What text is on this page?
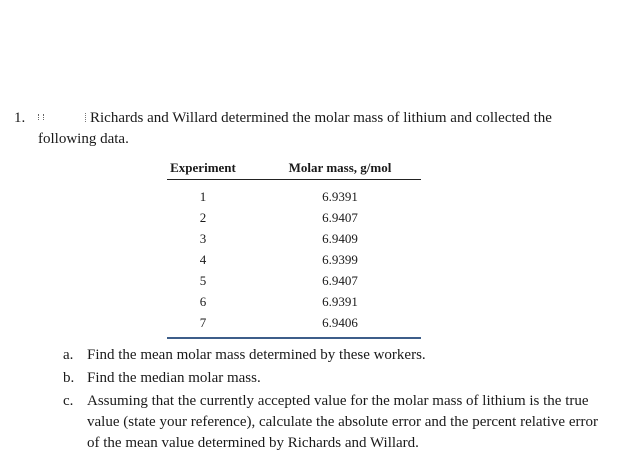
1.	Richards and Willard determined the molar mass of lithium and collected the
following data.

Experiment	Molar mass, g/mol
1	6.9391
2	6.9407
3	6.9409
4	6.9399
5	6.9407
6	6.9391
7	6.9406
a. Find the mean molar mass determined by these workers.
b. Find the median molar mass.
c. Assuming that the currently accepted value for the molar mass of lithium is the true value (state your reference), calculate the absolute error and the percent relative error of the mean value determined by Richards and Willard.
